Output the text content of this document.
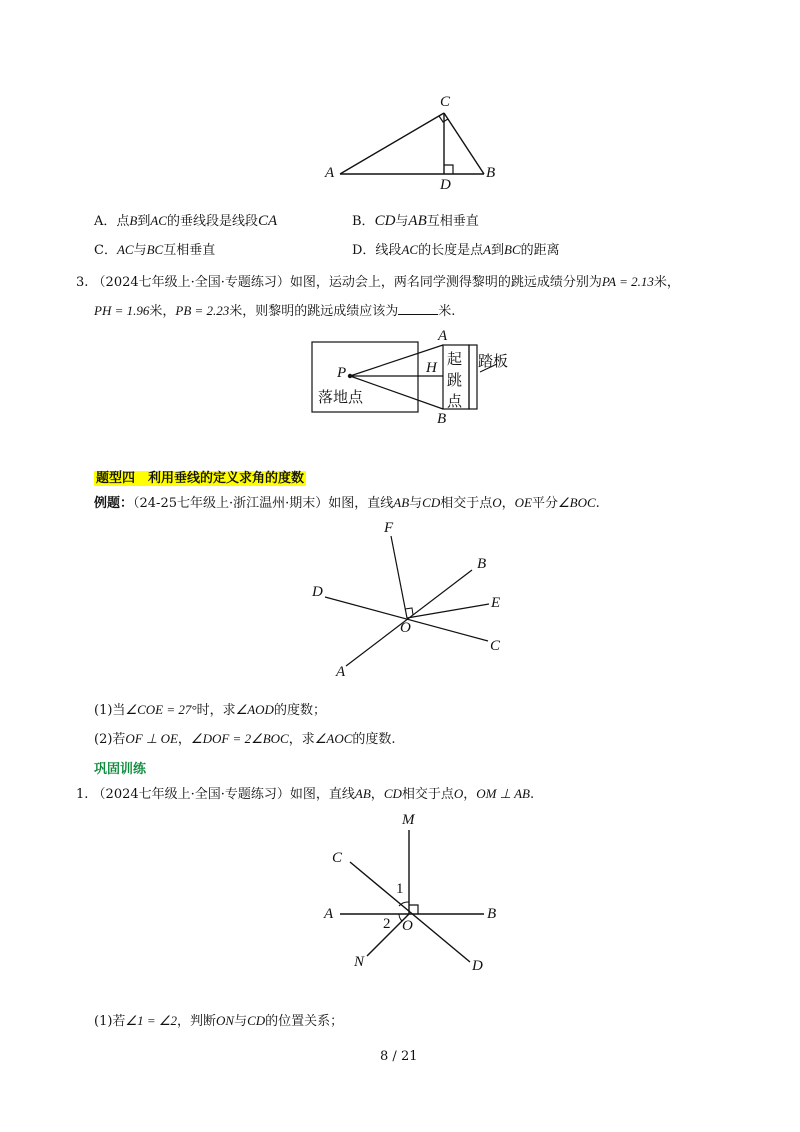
C
A	B
D
A．点B到AC的垂线段是线段CA	B．CD与AB互相垂直
C．AC与BC互相垂直	D．线段AC的长度是点A到BC的距离
3. （2024七年级上·全国·专题练习）如图，运动会上，两名同学测得黎明的跳远成绩分别为PA = 2.13米，
PH = 1.96米，PB = 2.23米，则黎明的跳远成绩应该为	米.
A
B
P	H
落地点
起
跳
点
踏板
题型四　利用垂线的定义求角的度数
例题：（24-25七年级上·浙江温州·期末）如图，直线AB与CD相交于点O，OE平分∠BOC.
F
B
D
E
O
C
A
(1)当∠COE = 27°时，求∠AOD的度数；
(2)若OF ⊥ OE，∠DOF = 2∠BOC，求∠AOC的度数.
巩固训练
1. （2024七年级上·全国·专题练习）如图，直线AB，CD相交于点O，OM ⊥ AB.
M
C
1
A	B
2 O
N	D
(1)若∠1 = ∠2，判断ON与CD的位置关系；
8 / 21
